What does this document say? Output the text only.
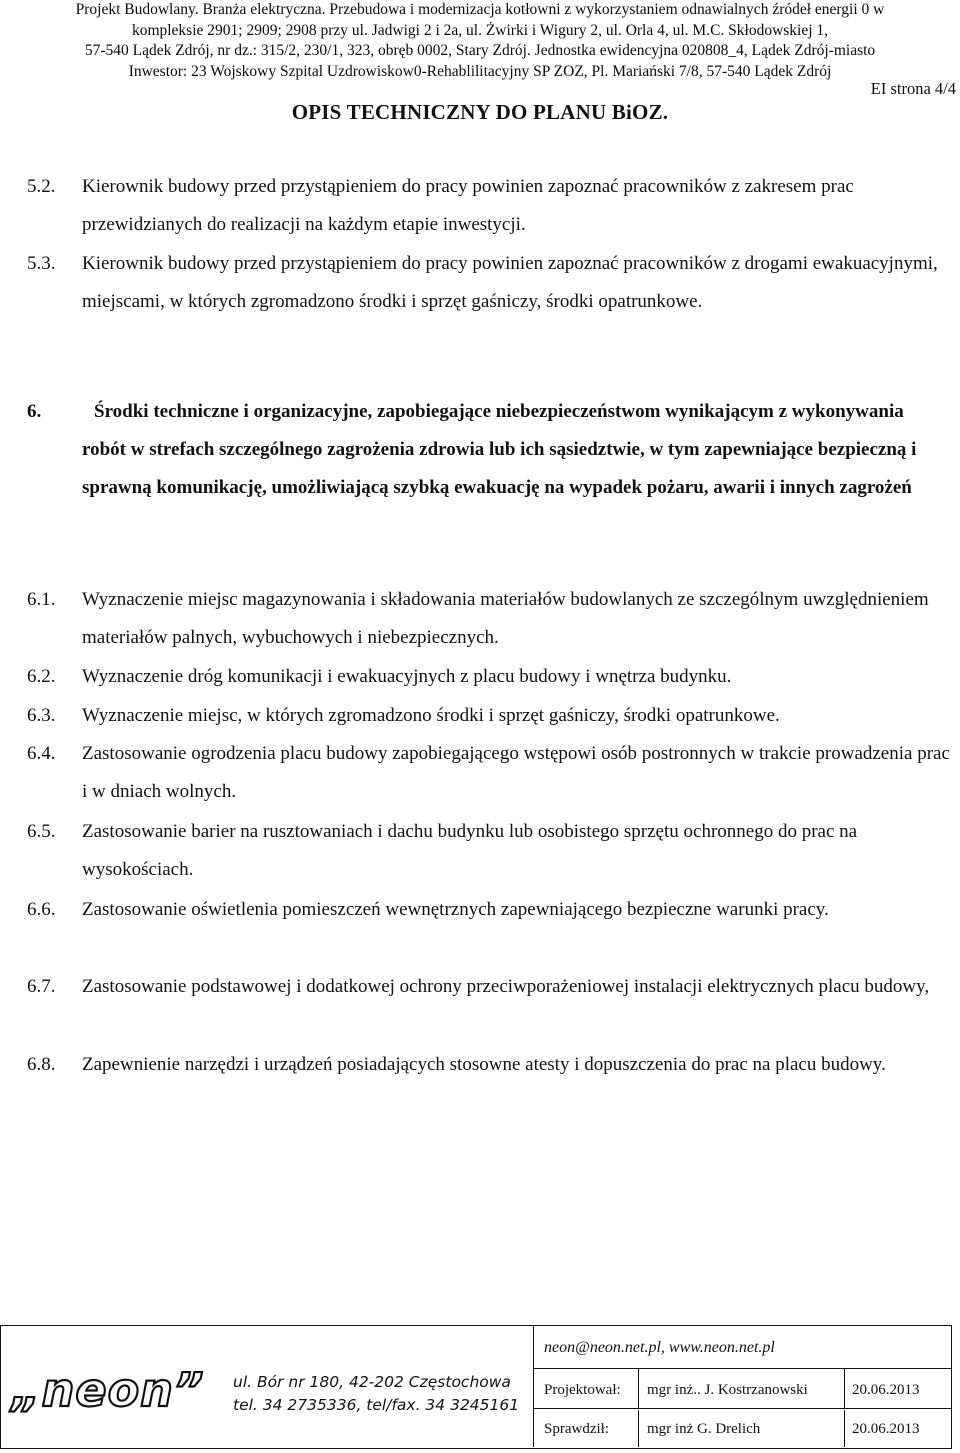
Projekt Budowlany. Branża elektryczna. Przebudowa i modernizacja kotłowni z wykorzystaniem odnawialnych źródeł energii 0 w
kompleksie 2901; 2909; 2908 przy ul. Jadwigi 2 i 2a, ul. Żwirki i Wigury 2, ul. Orla 4, ul. M.C. Skłodowskiej 1,
57-540 Lądek Zdrój, nr dz.: 315/2, 230/1, 323, obręb 0002, Stary Zdrój. Jednostka ewidencyjna 020808_4, Lądek Zdrój-miasto
Inwestor: 23 Wojskowy Szpital Uzdrowiskow0-Rehablilitacyjny SP ZOZ, Pl. Mariański 7/8, 57-540 Lądek Zdrój
EI strona 4/4
OPIS TECHNICZNY DO PLANU BiOZ.
5.2.	Kierownik budowy przed przystąpieniem do pracy powinien zapoznać pracowników z zakresem prac przewidzianych do realizacji na każdym etapie inwestycji.
5.3.	Kierownik budowy przed przystąpieniem do pracy powinien zapoznać pracowników z drogami ewakuacyjnymi, miejscami, w których zgromadzono środki i sprzęt gaśniczy, środki opatrunkowe.
6.	Środki techniczne i organizacyjne, zapobiegające niebezpieczeństwom wynikającym z wykonywania robót w strefach szczególnego zagrożenia zdrowia lub ich sąsiedztwie, w tym zapewniające bezpieczną i sprawną komunikację, umożliwiającą szybką ewakuację na wypadek pożaru, awarii i innych zagrożeń
6.1.	Wyznaczenie miejsc magazynowania i składowania materiałów budowlanych ze szczególnym uwzględnieniem materiałów palnych, wybuchowych i niebezpiecznych.
6.2.	Wyznaczenie dróg komunikacji i ewakuacyjnych z placu budowy i wnętrza budynku.
6.3.	Wyznaczenie miejsc, w których zgromadzono środki i sprzęt gaśniczy, środki opatrunkowe.
6.4.	Zastosowanie ogrodzenia placu budowy zapobiegającego wstępowi osób postronnych w trakcie prowadzenia prac i w dniach wolnych.
6.5.	Zastosowanie barier na rusztowaniach i dachu budynku lub osobistego sprzętu ochronnego do prac na wysokościach.
6.6.	Zastosowanie oświetlenia pomieszczeń wewnętrznych zapewniającego bezpieczne warunki pracy.
6.7.	Zastosowanie podstawowej i dodatkowej ochrony przeciwporażeniowej instalacji elektrycznych placu budowy,
6.8.	Zapewnienie narzędzi i urządzeń posiadających stosowne atesty i dopuszczenia do prac na placu budowy.
„neon” ul. Bór nr 180, 42-202 Częstochowa
tel. 34 2735336, tel/fax. 34 3245161
neon@neon.net.pl, www.neon.net.pl
Projektował: mgr inż.. J. Kostrzanowski	20.06.2013
Sprawdził:	mgr inż G. Drelich	20.06.2013
